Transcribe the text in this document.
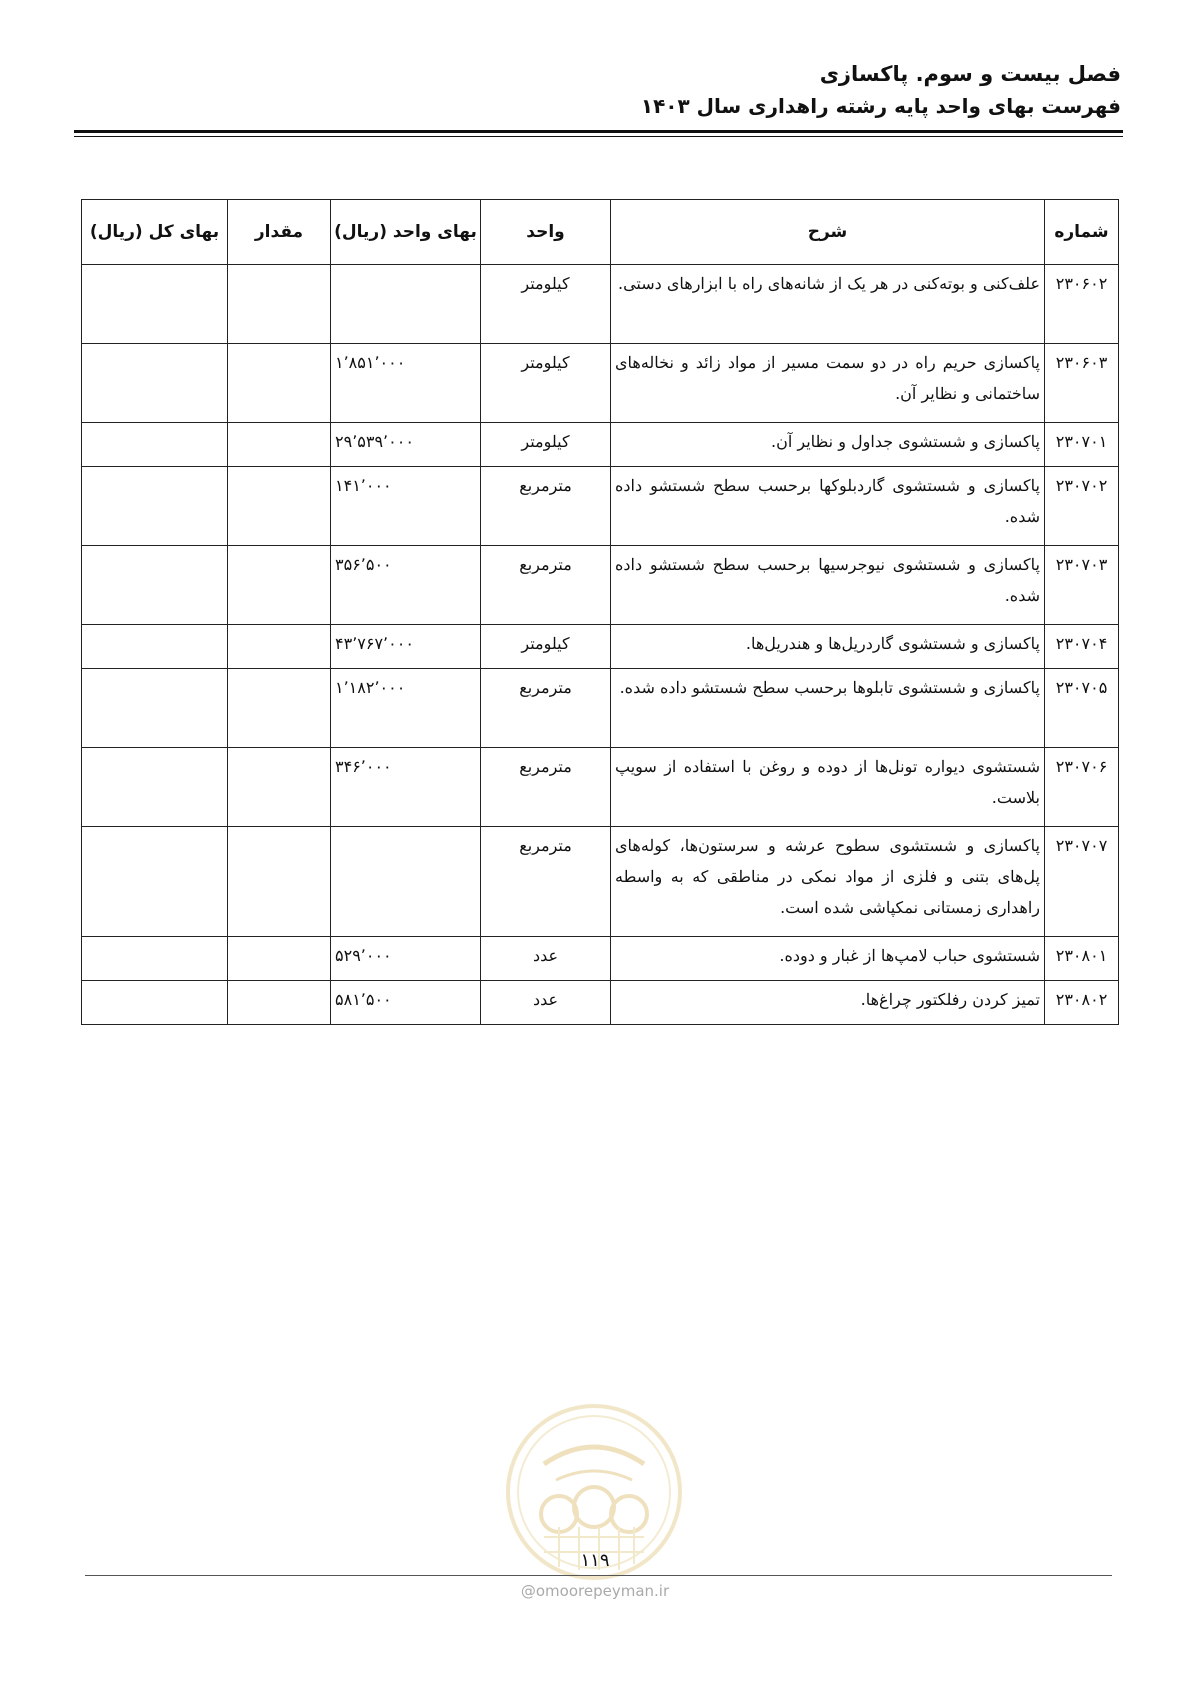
فصل بیست و سوم. پاکسازی
فهرست بهای واحد پایه رشته راهداری سال ۱۴۰۳
شماره	شرح	واحد	بهای واحد (ریال)	مقدار	بهای کل (ریال)
۲۳۰۶۰۲	علف‌کنی و بوته‌کنی در هر یک از شانه‌های راه با ابزارهای دستی.	کیلومتر			
۲۳۰۶۰۳	پاکسازی حریم راه در دو سمت مسیر از مواد زائد و نخاله‌های ساختمانی و نظایر آن.	کیلومتر	۱٬۸۵۱٬۰۰۰		
۲۳۰۷۰۱	پاکسازی و شستشوی جداول و نظایر آن.	کیلومتر	۲۹٬۵۳۹٬۰۰۰		
۲۳۰۷۰۲	پاکسازی و شستشوی گاردبلوکها برحسب سطح شستشو داده شده.	مترمربع	۱۴۱٬۰۰۰		
۲۳۰۷۰۳	پاکسازی و شستشوی نیوجرسیها برحسب سطح شستشو داده شده.	مترمربع	۳۵۶٬۵۰۰		
۲۳۰۷۰۴	پاکسازی و شستشوی گاردریل‌ها و هندریل‌ها.	کیلومتر	۴۳٬۷۶۷٬۰۰۰		
۲۳۰۷۰۵	پاکسازی و شستشوی تابلوها برحسب سطح شستشو داده شده.	مترمربع	۱٬۱۸۲٬۰۰۰		
۲۳۰۷۰۶	شستشوی دیواره تونل‌ها از دوده و روغن با استفاده از سویپ بلاست.	مترمربع	۳۴۶٬۰۰۰		
۲۳۰۷۰۷	پاکسازی و شستشوی سطوح عرشه و سرستون‌ها، کوله‌های پل‌های بتنی و فلزی از مواد نمکی در مناطقی که به واسطه راهداری زمستانی نمکپاشی شده است.	مترمربع			
۲۳۰۸۰۱	شستشوی حباب لامپ‌ها از غبار و دوده.	عدد	۵۲۹٬۰۰۰		
۲۳۰۸۰۲	تمیز کردن رفلکتور چراغ‌ها.	عدد	۵۸۱٬۵۰۰		
۱۱۹
@omoorepeyman.ir
